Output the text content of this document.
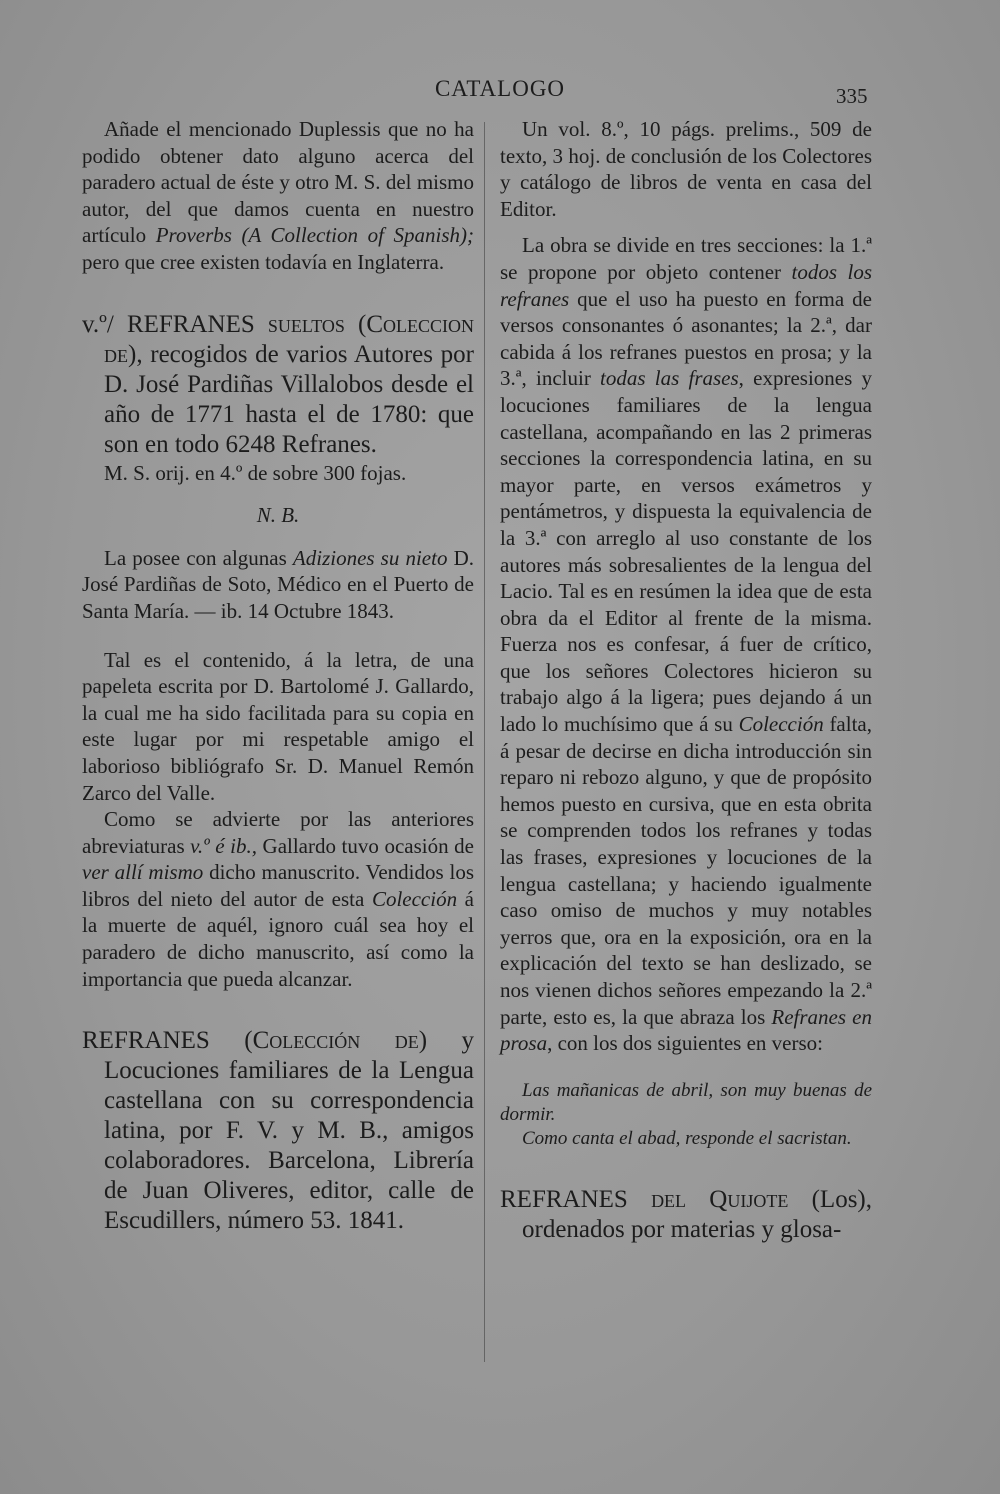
CATALOGO	335

Añade el mencionado Duplessis que no ha podido obtener dato alguno acerca del paradero actual de éste y otro M. S. del mismo autor, del que damos cuenta en nuestro artículo Proverbs (A Collection of Spanish); pero que cree existen todavía en Inglaterra.

v.º/ REFRANES sueltos (Coleccion de), recogidos de varios Autores por D. José Pardiñas Villalobos desde el año de 1771 hasta el de 1780: que son en todo 6248 Refranes.

M. S. orij. en 4.º de sobre 300 fojas.

N. B.

La posee con algunas Adiziones su nieto D. José Pardiñas de Soto, Médico en el Puerto de Santa María. — ib. 14 Octubre 1843.

Tal es el contenido, á la letra, de una papeleta escrita por D. Bartolomé J. Gallardo, la cual me ha sido facilitada para su copia en este lugar por mi respetable amigo el laborioso bibliógrafo Sr. D. Manuel Remón Zarco del Valle.

Como se advierte por las anteriores abreviaturas v.º é ib., Gallardo tuvo ocasión de ver allí mismo dicho manuscrito. Vendidos los libros del nieto del autor de esta Colección á la muerte de aquél, ignoro cuál sea hoy el paradero de dicho manuscrito, así como la importancia que pueda alcanzar.

REFRANES (Colección de) y Locuciones familiares de la Lengua castellana con su correspondencia latina, por F. V. y M. B., amigos colaboradores. Barcelona, Librería de Juan Oliveres, editor, calle de Escudillers, número 53. 1841.

Un vol. 8.º, 10 págs. prelims., 509 de texto, 3 hoj. de conclusión de los Colectores y catálogo de libros de venta en casa del Editor.

La obra se divide en tres secciones: la 1.ª se propone por objeto contener todos los refranes que el uso ha puesto en forma de versos consonantes ó asonantes; la 2.ª, dar cabida á los refranes puestos en prosa; y la 3.ª, incluir todas las frases, expresiones y locuciones familiares de la lengua castellana, acompañando en las 2 primeras secciones la correspondencia latina, en su mayor parte, en versos exámetros y pentámetros, y dispuesta la equivalencia de la 3.ª con arreglo al uso constante de los autores más sobresalientes de la lengua del Lacio. Tal es en resúmen la idea que de esta obra da el Editor al frente de la misma. Fuerza nos es confesar, á fuer de crítico, que los señores Colectores hicieron su trabajo algo á la ligera; pues dejando á un lado lo muchísimo que á su Colección falta, á pesar de decirse en dicha introducción sin reparo ni rebozo alguno, y que de propósito hemos puesto en cursiva, que en esta obrita se comprenden todos los refranes y todas las frases, expresiones y locuciones de la lengua castellana; y haciendo igualmente caso omiso de muchos y muy notables yerros que, ora en la exposición, ora en la explicación del texto se han deslizado, se nos vienen dichos señores empezando la 2.ª parte, esto es, la que abraza los Refranes en prosa, con los dos siguientes en verso:

Las mañanicas de abril, son muy buenas de dormir.

Como canta el abad, responde el sacristan.

REFRANES del Quijote (Los), ordenados por materias y glosa-
